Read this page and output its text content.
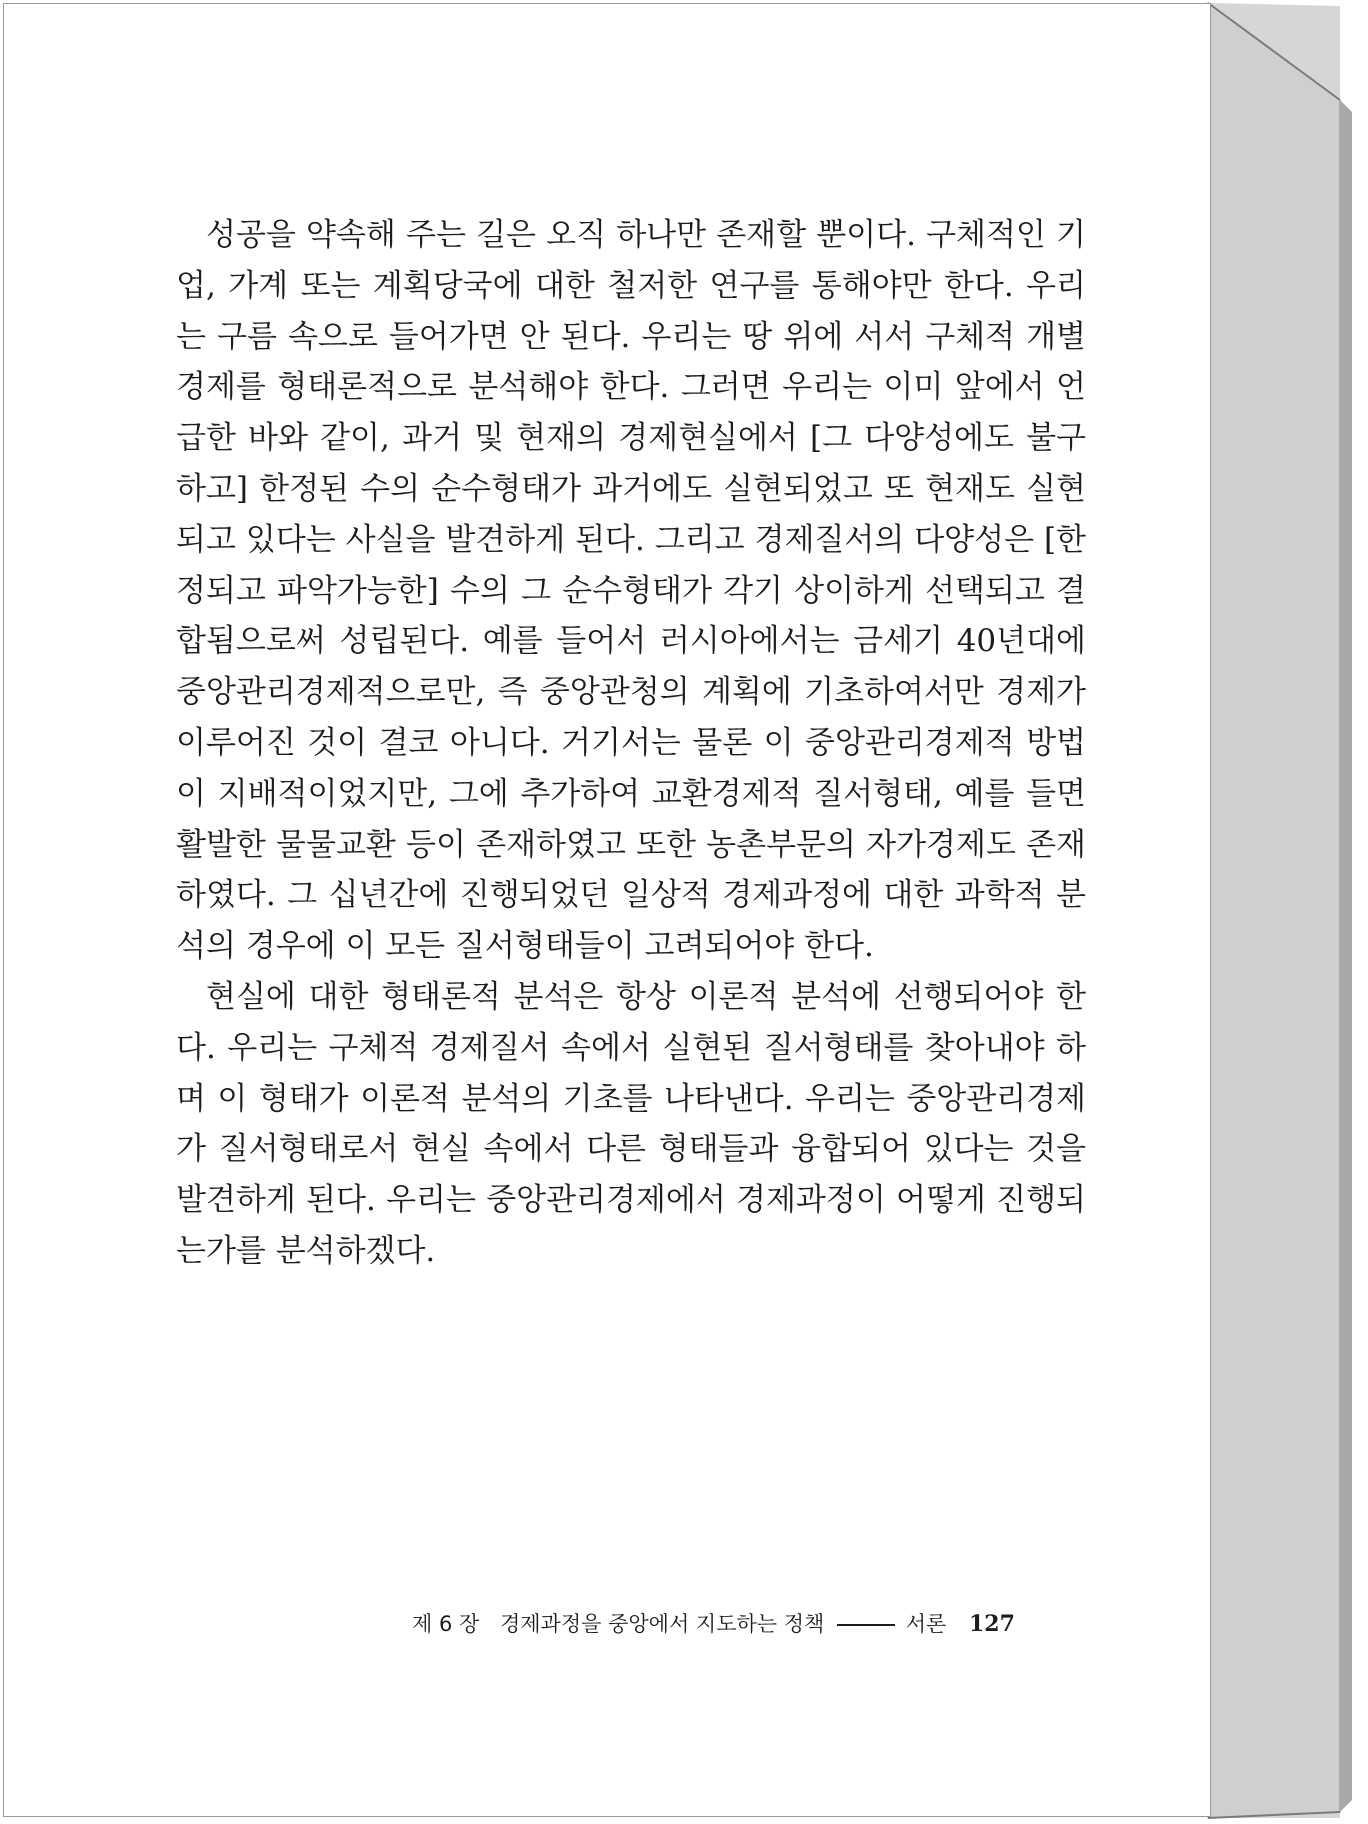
성공을 약속해 주는 길은 오직 하나만 존재할 뿐이다. 구체적인 기업, 가계 또는 계획당국에 대한 철저한 연구를 통해야만 한다. 우리는 구름 속으로 들어가면 안 된다. 우리는 땅 위에 서서 구체적 개별경제를 형태론적으로 분석해야 한다. 그러면 우리는 이미 앞에서 언급한 바와 같이, 과거 및 현재의 경제현실에서 [그 다양성에도 불구하고] 한정된 수의 순수형태가 과거에도 실현되었고 또 현재도 실현되고 있다는 사실을 발견하게 된다. 그리고 경제질서의 다양성은 [한정되고 파악가능한] 수의 그 순수형태가 각기 상이하게 선택되고 결합됨으로써 성립된다. 예를 들어서 러시아에서는 금세기 40년대에 중앙관리경제적으로만, 즉 중앙관청의 계획에 기초하여서만 경제가 이루어진 것이 결코 아니다. 거기서는 물론 이 중앙관리경제적 방법이 지배적이었지만, 그에 추가하여 교환경제적 질서형태, 예를 들면 활발한 물물교환 등이 존재하였고 또한 농촌부문의 자가경제도 존재하였다. 그 십년간에 진행되었던 일상적 경제과정에 대한 과학적 분석의 경우에 이 모든 질서형태들이 고려되어야 한다.

현실에 대한 형태론적 분석은 항상 이론적 분석에 선행되어야 한다. 우리는 구체적 경제질서 속에서 실현된 질서형태를 찾아내야 하며 이 형태가 이론적 분석의 기초를 나타낸다. 우리는 중앙관리경제가 질서형태로서 현실 속에서 다른 형태들과 융합되어 있다는 것을 발견하게 된다. 우리는 중앙관리경제에서 경제과정이 어떻게 진행되는가를 분석하겠다.

제 6 장 경제과정을 중앙에서 지도하는 정책	서론 127
